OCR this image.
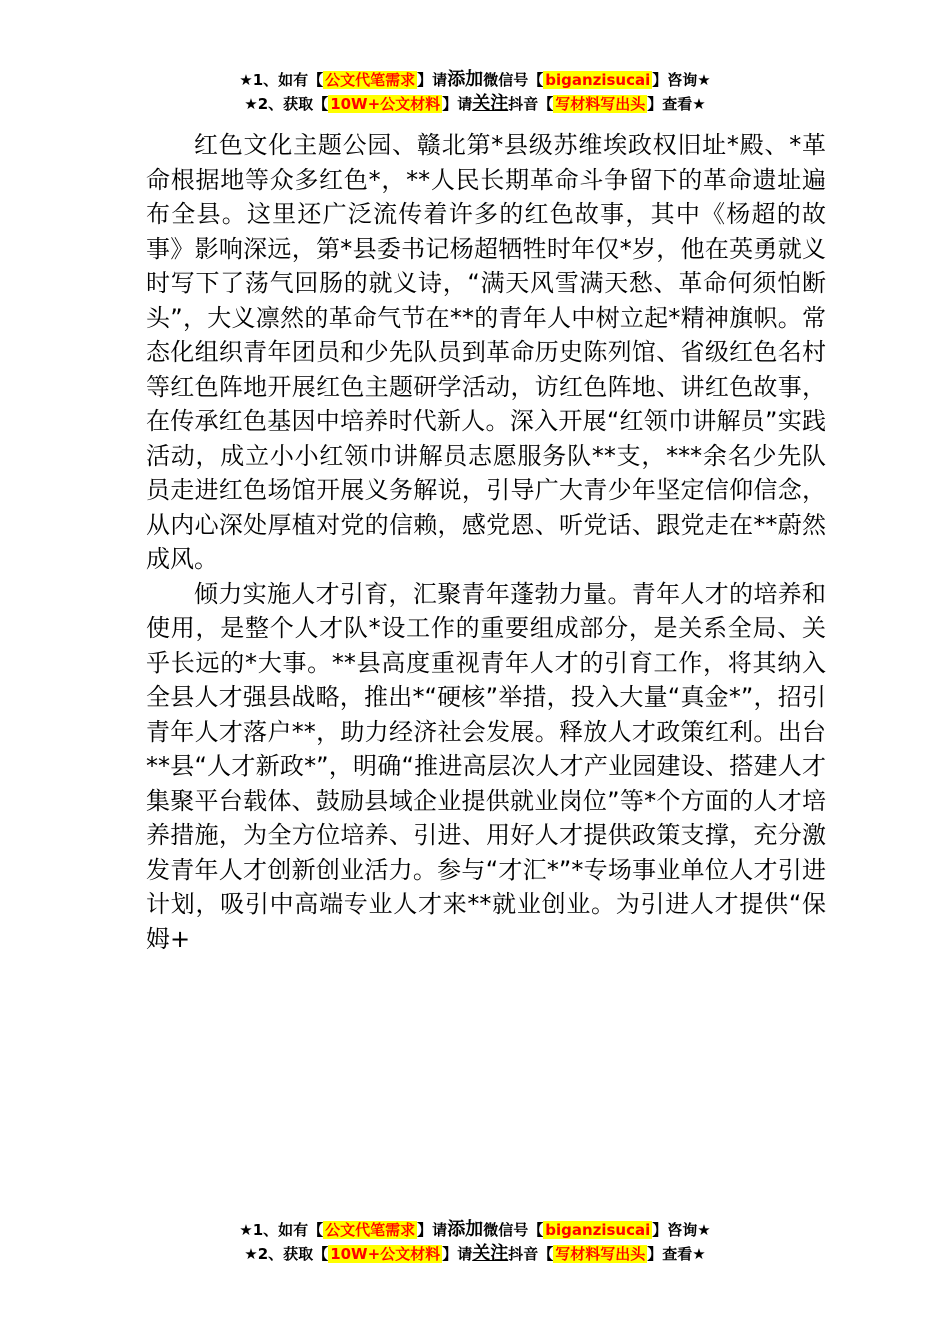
★1、如有【 公文代笔需求 】请添加微信号【 biganzisucai 】咨询★
★2、获取【 10W+公文材料 】请关注抖音【 写材料写出头 】查看★

红色文化主题公园、赣北第*县级苏维埃政权旧址*殿、*革命根据地等众多红色*，**人民长期革命斗争留下的革命遗址遍布全县。这里还广泛流传着许多的红色故事，其中《杨超的故事》影响深远，第*县委书记杨超牺牲时年仅*岁，他在英勇就义时写下了荡气回肠的就义诗，“满天风雪满天愁、革命何须怕断头”，大义凛然的革命气节在**的青年人中树立起*精神旗帜。常态化组织青年团员和少先队员到革命历史陈列馆、省级红色名村等红色阵地开展红色主题研学活动，访红色阵地、讲红色故事，在传承红色基因中培养时代新人。深入开展“红领巾讲解员”实践活动，成立小小红领巾讲解员志愿服务队**支，***余名少先队员走进红色场馆开展义务解说，引导广大青少年坚定信仰信念，从内心深处厚植对党的信赖，感党恩、听党话、跟党走在**蔚然成风。

倾力实施人才引育，汇聚青年蓬勃力量。青年人才的培养和使用，是整个人才队*设工作的重要组成部分，是关系全局、关乎长远的*大事。**县高度重视青年人才的引育工作，将其纳入全县人才强县战略，推出*“硬核”举措，投入大量“真金*”，招引青年人才落户**，助力经济社会发展。释放人才政策红利。出台**县“人才新政*”，明确“推进高层次人才产业园建设、搭建人才集聚平台载体、鼓励县域企业提供就业岗位”等*个方面的人才培养措施，为全方位培养、引进、用好人才提供政策支撑，充分激发青年人才创新创业活力。参与“才汇*”*专场事业单位人才引进计划，吸引中高端专业人才来**就业创业。为引进人才提供“保姆+

★1、如有【 公文代笔需求 】请添加微信号【 biganzisucai 】咨询★
★2、获取【 10W+公文材料 】请关注抖音【 写材料写出头 】查看★
